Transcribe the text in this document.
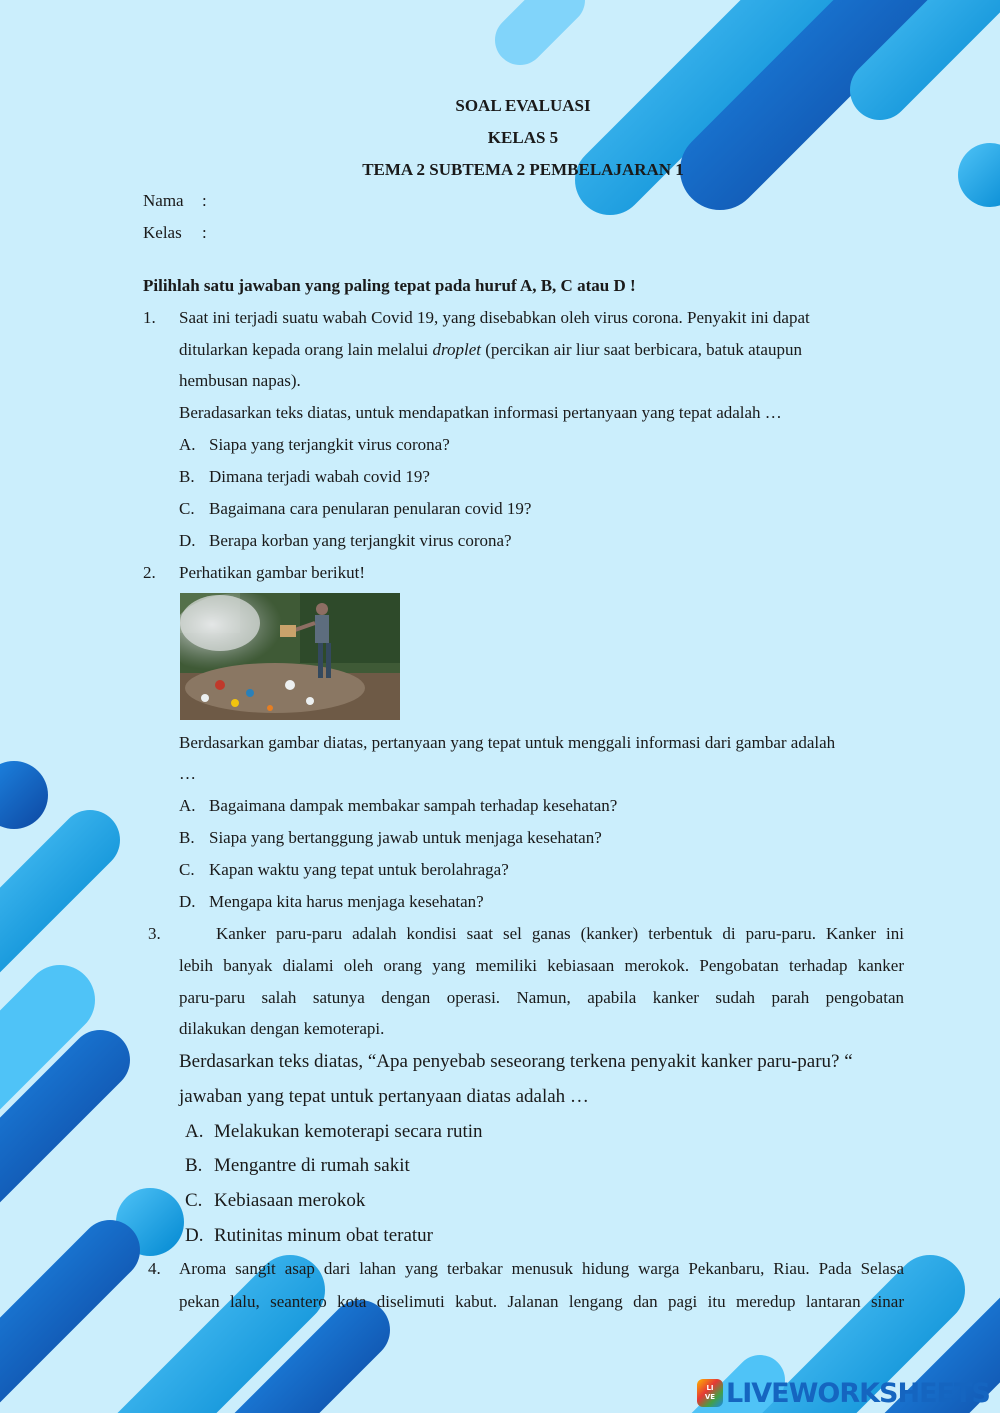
SOAL EVALUASI
KELAS 5
TEMA 2 SUBTEMA 2 PEMBELAJARAN 1
Nama :
Kelas :
Pilihlah satu jawaban yang paling tepat pada huruf A, B, C atau D !
1. Saat ini terjadi suatu wabah Covid 19, yang disebabkan oleh virus corona. Penyakit ini dapat
ditularkan kepada orang lain melalui droplet (percikan air liur saat berbicara, batuk ataupun
hembusan napas).
Beradasarkan teks diatas, untuk mendapatkan informasi pertanyaan yang tepat adalah …
A. Siapa yang terjangkit virus corona?
B. Dimana terjadi wabah covid 19?
C. Bagaimana cara penularan penularan covid 19?
D. Berapa korban yang terjangkit virus corona?
2. Perhatikan gambar berikut!
Berdasarkan gambar diatas, pertanyaan yang tepat untuk menggali informasi dari gambar adalah
…
A. Bagaimana dampak membakar sampah terhadap kesehatan?
B. Siapa yang bertanggung jawab untuk menjaga kesehatan?
C. Kapan waktu yang tepat untuk berolahraga?
D. Mengapa kita harus menjaga kesehatan?
3.	Kanker paru-paru adalah kondisi saat sel ganas (kanker) terbentuk di paru-paru. Kanker ini
lebih banyak dialami oleh orang yang memiliki kebiasaan merokok. Pengobatan terhadap kanker
paru-paru salah satunya dengan operasi. Namun, apabila kanker sudah parah pengobatan
dilakukan dengan kemoterapi.
Berdasarkan teks diatas, “Apa penyebab seseorang terkena penyakit kanker paru-paru? “
jawaban yang tepat untuk pertanyaan diatas adalah …
A. Melakukan kemoterapi secara rutin
B. Mengantre di rumah sakit
C. Kebiasaan merokok
D. Rutinitas minum obat teratur
4. Aroma sangit asap dari lahan yang terbakar menusuk hidung warga Pekanbaru, Riau. Pada Selasa
pekan lalu, seantero kota diselimuti kabut. Jalanan lengang dan pagi itu meredup lantaran sinar
LI
VE LIVEWORKSHEETS
